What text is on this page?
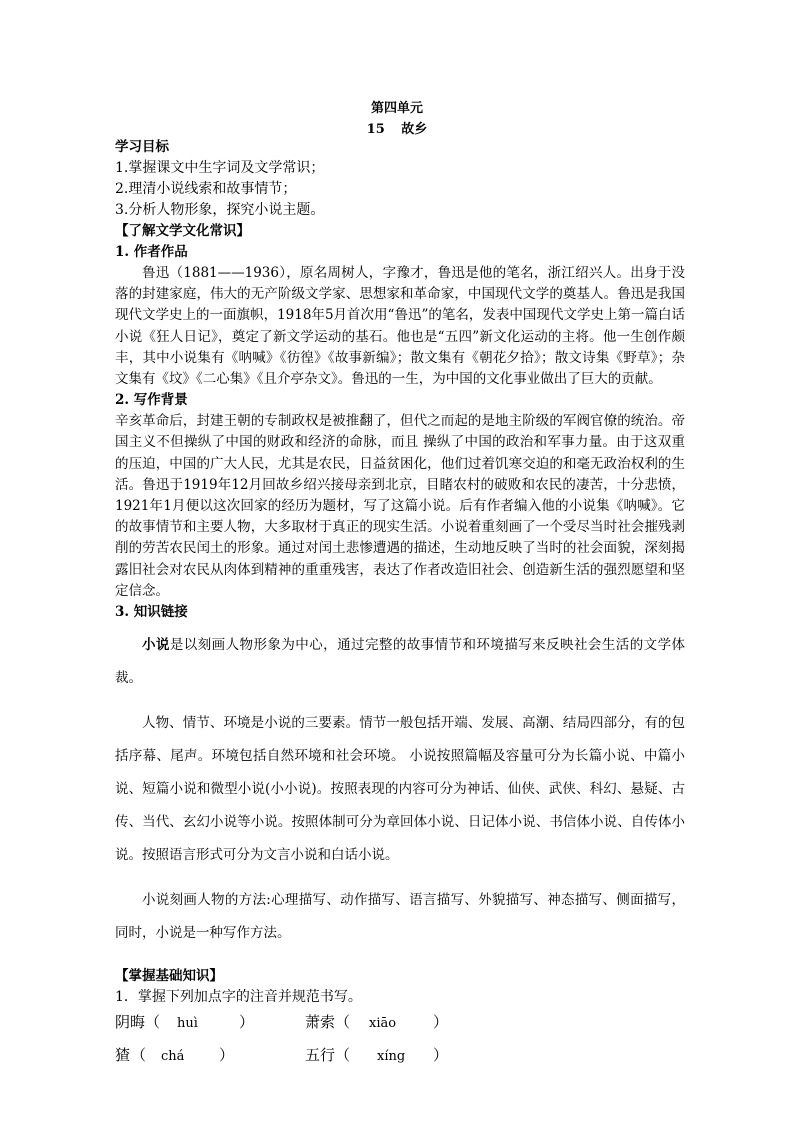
第四单元
15 故乡
学习目标
1.掌握课文中生字词及文学常识；
2.理清小说线索和故事情节；
3.分析人物形象，探究小说主题。
【了解文学文化常识】
1. 作者作品
鲁迅（1881——1936），原名周树人，字豫才，鲁迅是他的笔名，浙江绍兴人。出身于没落的封建家庭，伟大的无产阶级文学家、思想家和革命家，中国现代文学的奠基人。鲁迅是我国现代文学史上的一面旗帜，1918年5月首次用“鲁迅”的笔名，发表中国现代文学史上第一篇白话小说《狂人日记》，奠定了新文学运动的基石。他也是“五四”新文化运动的主将。他一生创作颇丰，其中小说集有《呐喊》《彷徨》《故事新编》；散文集有《朝花夕拾》；散文诗集《野草》；杂文集有《坟》《二心集》《且介亭杂文》。鲁迅的一生，为中国的文化事业做出了巨大的贡献。
2. 写作背景
辛亥革命后，封建王朝的专制政权是被推翻了，但代之而起的是地主阶级的军阀官僚的统治。帝国主义不但操纵了中国的财政和经济的命脉，而且 操纵了中国的政治和军事力量。由于这双重的压迫，中国的广大人民，尤其是农民，日益贫困化，他们过着饥寒交迫的和毫无政治权利的生活。鲁迅于1919年12月回故乡绍兴接母亲到北京，目睹农村的破败和农民的凄苦，十分悲愤，1921年1月便以这次回家的经历为题材，写了这篇小说。后有作者编入他的小说集《呐喊》。它的故事情节和主要人物，大多取材于真正的现实生活。小说着重刻画了一个受尽当时社会摧残剥削的劳苦农民闰土的形象。通过对闰土悲惨遭遇的描述，生动地反映了当时的社会面貌，深刻揭露旧社会对农民从肉体到精神的重重残害，表达了作者改造旧社会、创造新生活的强烈愿望和坚定信念。
3. 知识链接
小说是以刻画人物形象为中心，通过完整的故事情节和环境描写来反映社会生活的文学体裁。
人物、情节、环境是小说的三要素。情节一般包括开端、发展、高潮、结局四部分，有的包括序幕、尾声。环境包括自然环境和社会环境。 小说按照篇幅及容量可分为长篇小说、中篇小说、短篇小说和微型小说(小小说)。按照表现的内容可分为神话、仙侠、武侠、科幻、悬疑、古传、当代、玄幻小说等小说。按照体制可分为章回体小说、日记体小说、书信体小说、自传体小说。按照语言形式可分为文言小说和白话小说。
小说刻画人物的方法:心理描写、动作描写、语言描写、外貌描写、神态描写、侧面描写，同时，小说是一种写作方法。
【掌握基础知识】
1．掌握下列加点字的注音并规范书写。
阴晦 （ huì	）	萧索 （ xiāo ）
猹 （ chá ）	五行 （ xíng ）
